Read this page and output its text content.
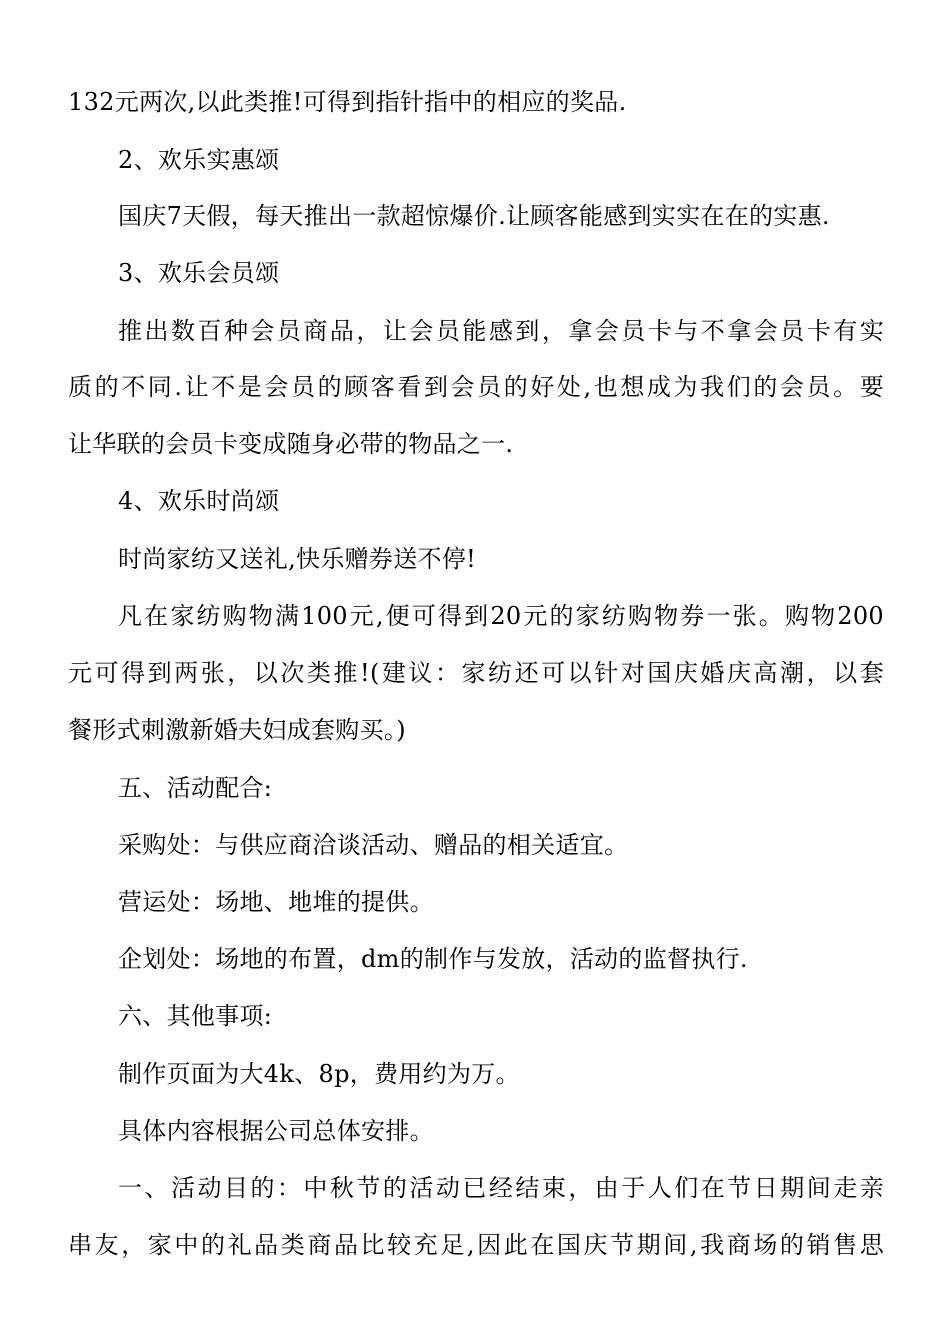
132元两次,以此类推!可得到指针指中的相应的奖品.
2、欢乐实惠颂
国庆7天假，每天推出一款超惊爆价.让顾客能感到实实在在的实惠.
3、欢乐会员颂
推出数百种会员商品，让会员能感到，拿会员卡与不拿会员卡有实
质的不同.让不是会员的顾客看到会员的好处,也想成为我们的会员。要
让华联的会员卡变成随身必带的物品之一.
4、欢乐时尚颂
时尚家纺又送礼,快乐赠券送不停!
凡在家纺购物满100元,便可得到20元的家纺购物券一张。购物200
元可得到两张，以次类推!(建议：家纺还可以针对国庆婚庆高潮，以套
餐形式刺激新婚夫妇成套购买。)
五、活动配合:
采购处：与供应商洽谈活动、赠品的相关适宜。
营运处：场地、地堆的提供。
企划处：场地的布置，dm的制作与发放，活动的监督执行.
六、其他事项:
制作页面为大4k、8p，费用约为万。
具体内容根据公司总体安排。
一、活动目的：中秋节的活动已经结束，由于人们在节日期间走亲
串友，家中的礼品类商品比较充足,因此在国庆节期间,我商场的销售思
